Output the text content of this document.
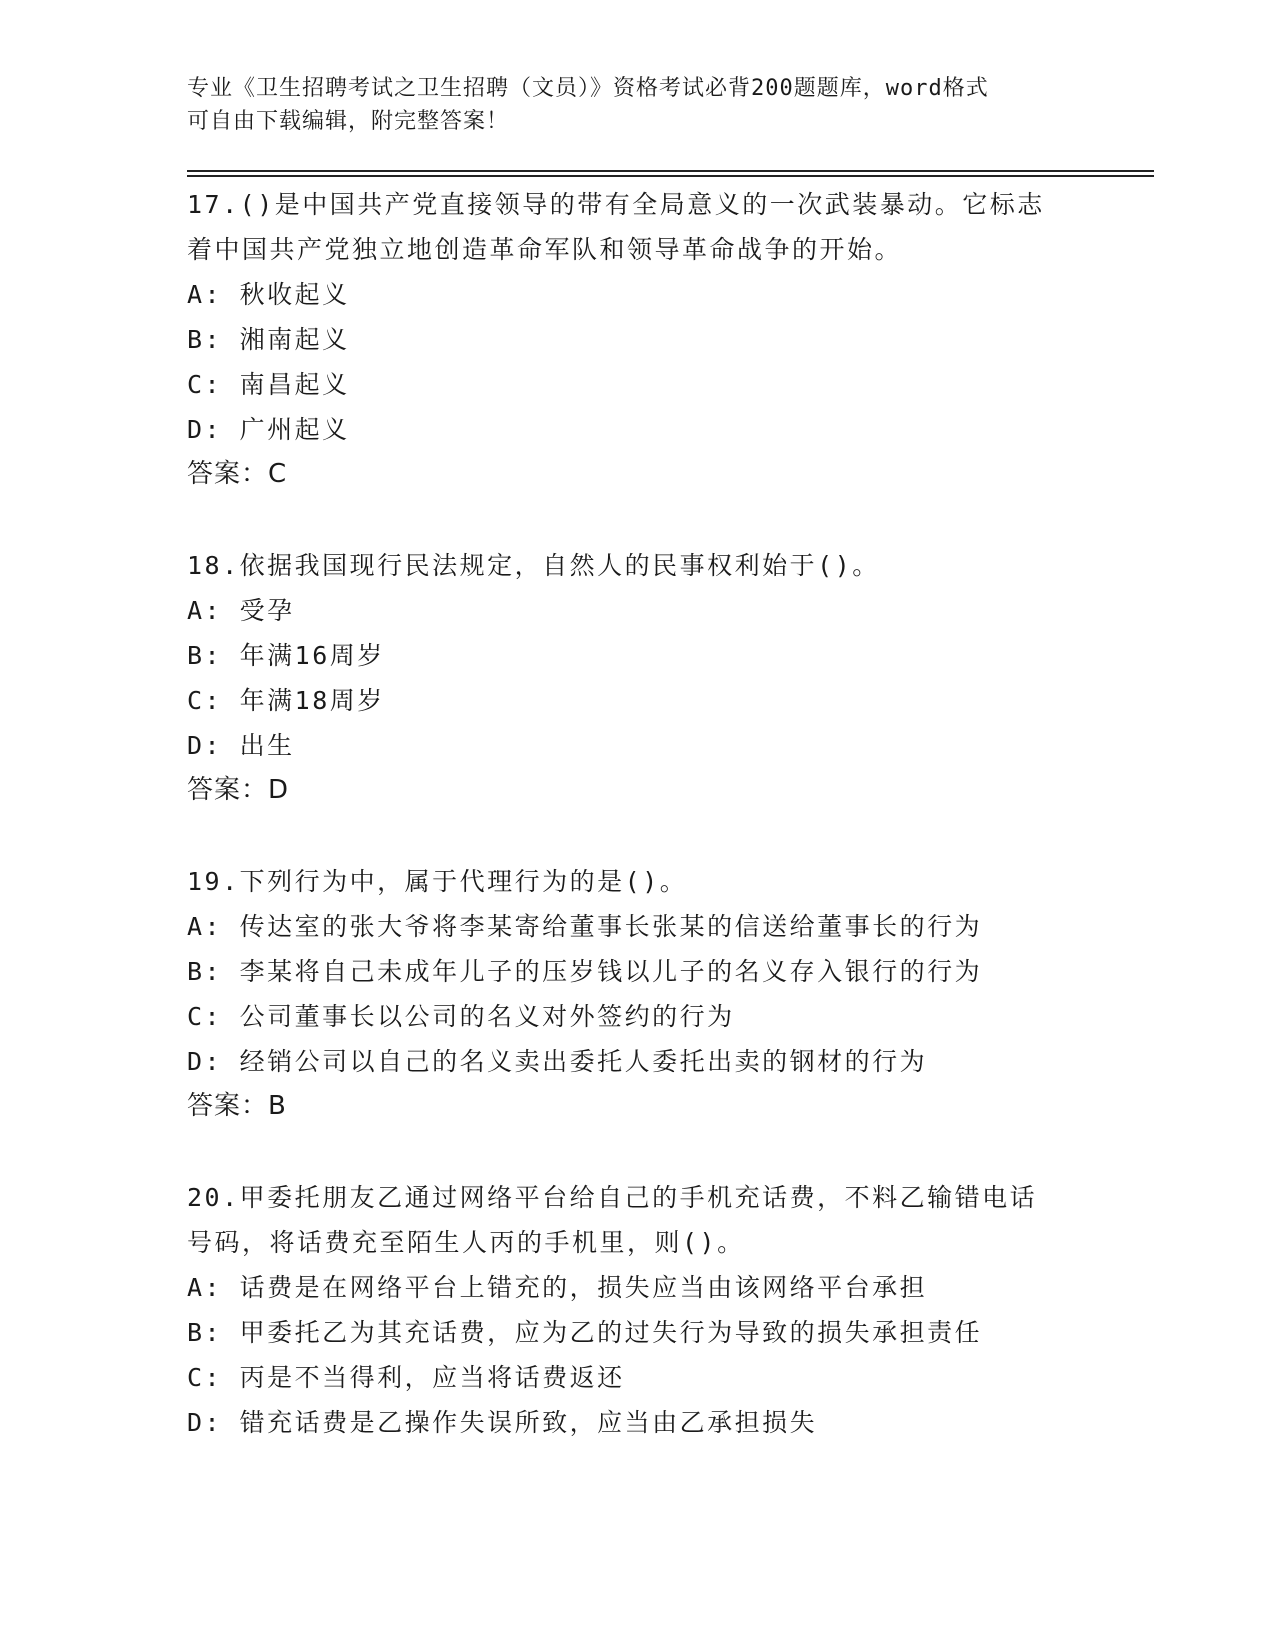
专业《卫生招聘考试之卫生招聘（文员）》资格考试必背200题题库，word格式
可自由下载编辑，附完整答案！
17.()是中国共产党直接领导的带有全局意义的一次武装暴动。它标志
着中国共产党独立地创造革命军队和领导革命战争的开始。
A: 秋收起义
B: 湘南起义
C: 南昌起义
D: 广州起义
答案：C
18.依据我国现行民法规定，自然人的民事权利始于()。
A: 受孕
B: 年满16周岁
C: 年满18周岁
D: 出生
答案：D
19.下列行为中，属于代理行为的是()。
A: 传达室的张大爷将李某寄给董事长张某的信送给董事长的行为
B: 李某将自己未成年儿子的压岁钱以儿子的名义存入银行的行为
C: 公司董事长以公司的名义对外签约的行为
D: 经销公司以自己的名义卖出委托人委托出卖的钢材的行为
答案：B
20.甲委托朋友乙通过网络平台给自己的手机充话费，不料乙输错电话
号码，将话费充至陌生人丙的手机里，则()。
A: 话费是在网络平台上错充的，损失应当由该网络平台承担
B: 甲委托乙为其充话费，应为乙的过失行为导致的损失承担责任
C: 丙是不当得利，应当将话费返还
D: 错充话费是乙操作失误所致，应当由乙承担损失
